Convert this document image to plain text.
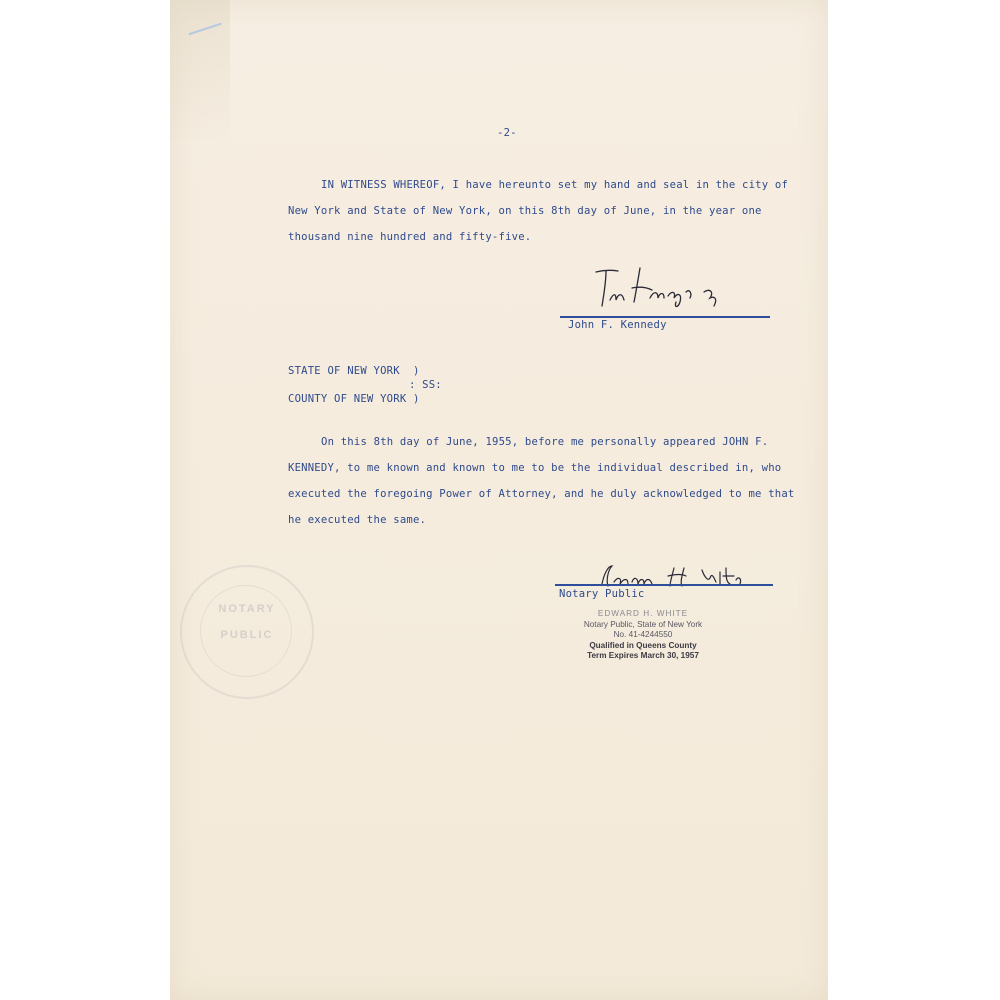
-2-
IN WITNESS WHEREOF, I have hereunto set my hand and seal in the city of
New York and State of New York, on this 8th day of June, in the year one
thousand nine hundred and fifty-five.
John F. Kennedy
STATE OF NEW YORK  )
: SS:
COUNTY OF NEW YORK )
On this 8th day of June, 1955, before me personally appeared JOHN F.
KENNEDY, to me known and known to me to be the individual described in, who
executed the foregoing Power of Attorney, and he duly acknowledged to me that
he executed the same.
Notary Public
EDWARD H. WHITE
Notary Public, State of New York
No. 41-4244550
Qualified in Queens County
Term Expires March 30, 1957
NOTARY
PUBLIC
